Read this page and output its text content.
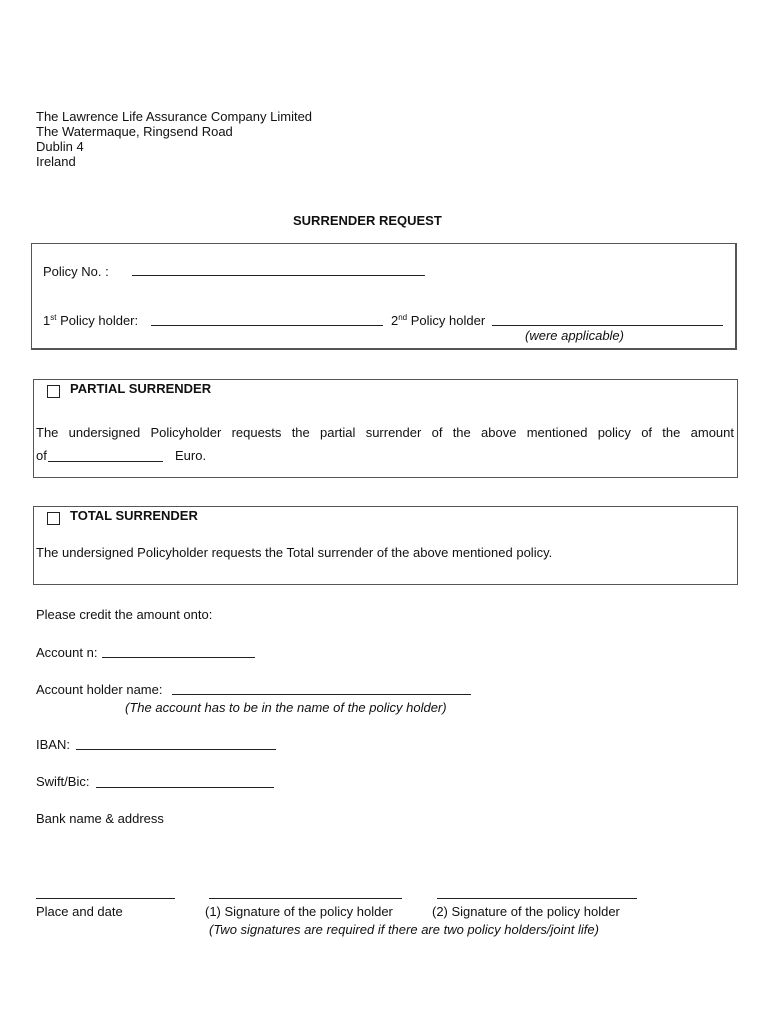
The Lawrence Life Assurance Company Limited
The Watermaque, Ringsend Road
Dublin 4
Ireland
SURRENDER REQUEST
Policy No. :
1st Policy holder:	2nd Policy holder
(were applicable)
PARTIAL SURRENDER
The undersigned Policyholder requests the partial surrender of the above mentioned policy of the amount
of	Euro.
TOTAL SURRENDER
The undersigned Policyholder requests the Total surrender of the above mentioned policy.
Please credit the amount onto:
Account n:
Account holder name:
(The account has to be in the name of the policy holder)
IBAN:
Swift/Bic:
Bank name & address
Place and date	(1) Signature of the policy holder	(2) Signature of the policy holder
(Two signatures are required if there are two policy holders/joint life)
